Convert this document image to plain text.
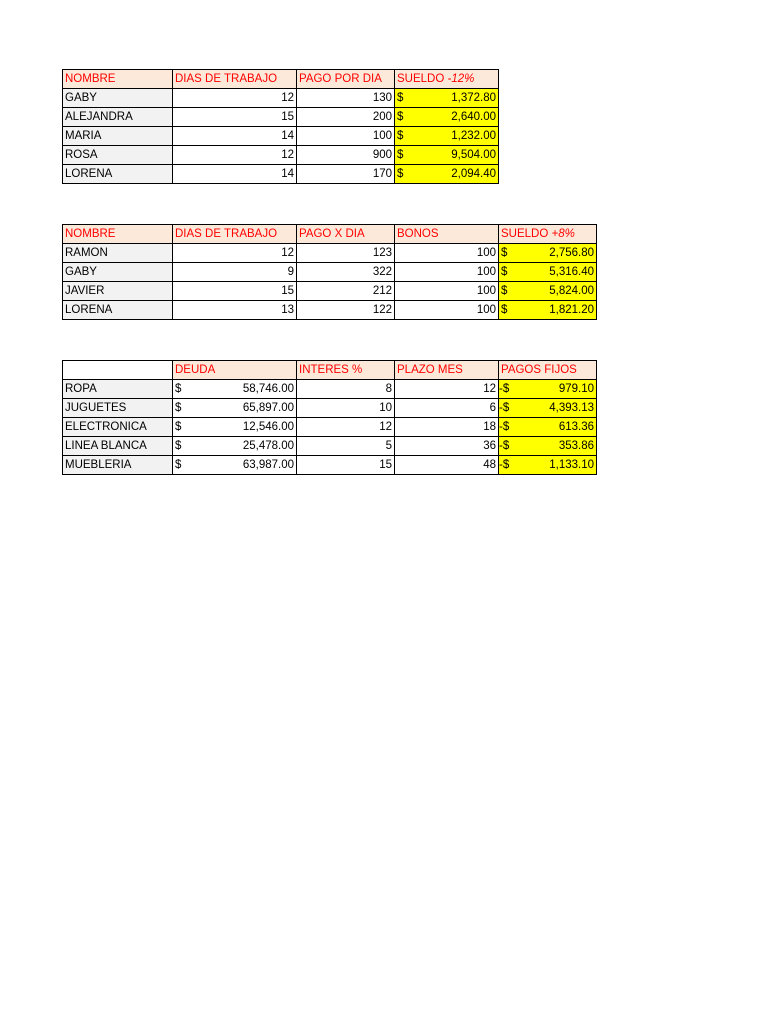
NOMBRE	DIAS DE TRABAJO	PAGO POR DIA	SUELDO -12%
GABY	12	130	$ 1,372.80
ALEJANDRA	15	200	$ 2,640.00
MARIA	14	100	$ 1,232.00
ROSA	12	900	$ 9,504.00
LORENA	14	170	$ 2,094.40
NOMBRE	DIAS DE TRABAJO	PAGO X DIA	BONOS	SUELDO +8%
RAMON	12	123	100	$ 2,756.80
GABY	9	322	100	$ 5,316.40
JAVIER	15	212	100	$ 5,824.00
LORENA	13	122	100	$ 1,821.20
	DEUDA	INTERES %	PLAZO MES	PAGOS FIJOS
ROPA	$ 58,746.00	8	12	-$ 979.10
JUGUETES	$ 65,897.00	10	6	-$ 4,393.13
ELECTRONICA	$ 12,546.00	12	18	-$ 613.36
LINEA BLANCA	$ 25,478.00	5	36	-$ 353.86
MUEBLERIA	$ 63,987.00	15	48	-$ 1,133.10
